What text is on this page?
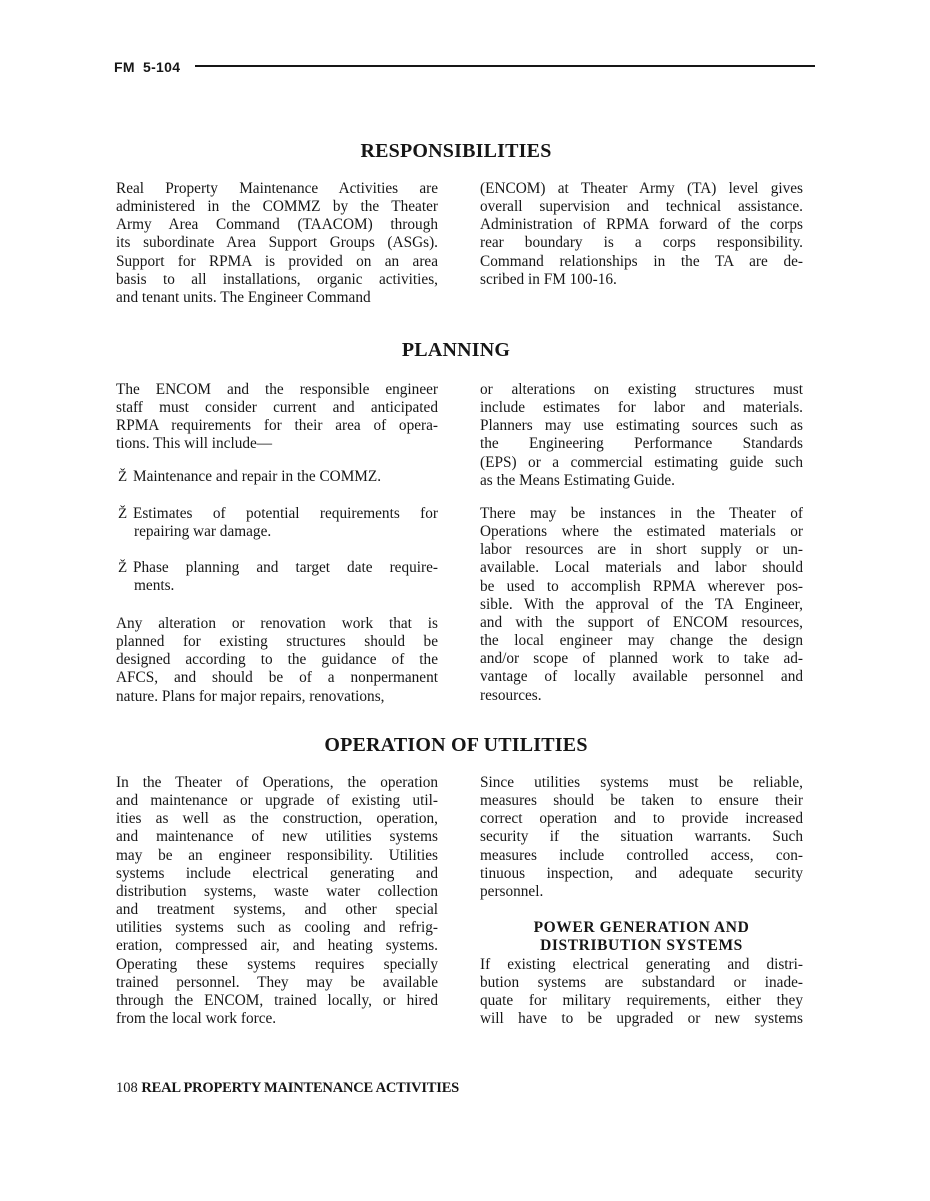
FM 5-104
RESPONSIBILITIES
Real Property Maintenance Activities are
administered in the COMMZ by the Theater
Army Area Command (TAACOM) through
its subordinate Area Support Groups (ASGs).
Support for RPMA is provided on an area
basis to all installations, organic activities,
and tenant units. The Engineer Command
(ENCOM) at Theater Army (TA) level gives
overall supervision and technical assistance.
Administration of RPMA forward of the corps
rear boundary is a corps responsibility.
Command relationships in the TA are de-
scribed in FM 100-16.
PLANNING
The ENCOM and the responsible engineer
staff must consider current and anticipated
RPMA requirements for their area of opera-
tions. This will include—
Ž Maintenance and repair in the COMMZ.
Ž Estimates of potential requirements for
repairing war damage.
Ž Phase planning and target date require-
ments.
Any alteration or renovation work that is
planned for existing structures should be
designed according to the guidance of the
AFCS, and should be of a nonpermanent
nature. Plans for major repairs, renovations,
or alterations on existing structures must
include estimates for labor and materials.
Planners may use estimating sources such as
the Engineering Performance Standards
(EPS) or a commercial estimating guide such
as the Means Estimating Guide.
There may be instances in the Theater of
Operations where the estimated materials or
labor resources are in short supply or un-
available. Local materials and labor should
be used to accomplish RPMA wherever pos-
sible. With the approval of the TA Engineer,
and with the support of ENCOM resources,
the local engineer may change the design
and/or scope of planned work to take ad-
vantage of locally available personnel and
resources.
OPERATION OF UTILITIES
In the Theater of Operations, the operation
and maintenance or upgrade of existing util-
ities as well as the construction, operation,
and maintenance of new utilities systems
may be an engineer responsibility. Utilities
systems include electrical generating and
distribution systems, waste water collection
and treatment systems, and other special
utilities systems such as cooling and refrig-
eration, compressed air, and heating systems.
Operating these systems requires specially
trained personnel. They may be available
through the ENCOM, trained locally, or hired
from the local work force.
Since utilities systems must be reliable,
measures should be taken to ensure their
correct operation and to provide increased
security if the situation warrants. Such
measures include controlled access, con-
tinuous inspection, and adequate security
personnel.
POWER GENERATION AND
DISTRIBUTION SYSTEMS
If existing electrical generating and distri-
bution systems are substandard or inade-
quate for military requirements, either they
will have to be upgraded or new systems
108 REAL PROPERTY MAINTENANCE ACTIVITIES
